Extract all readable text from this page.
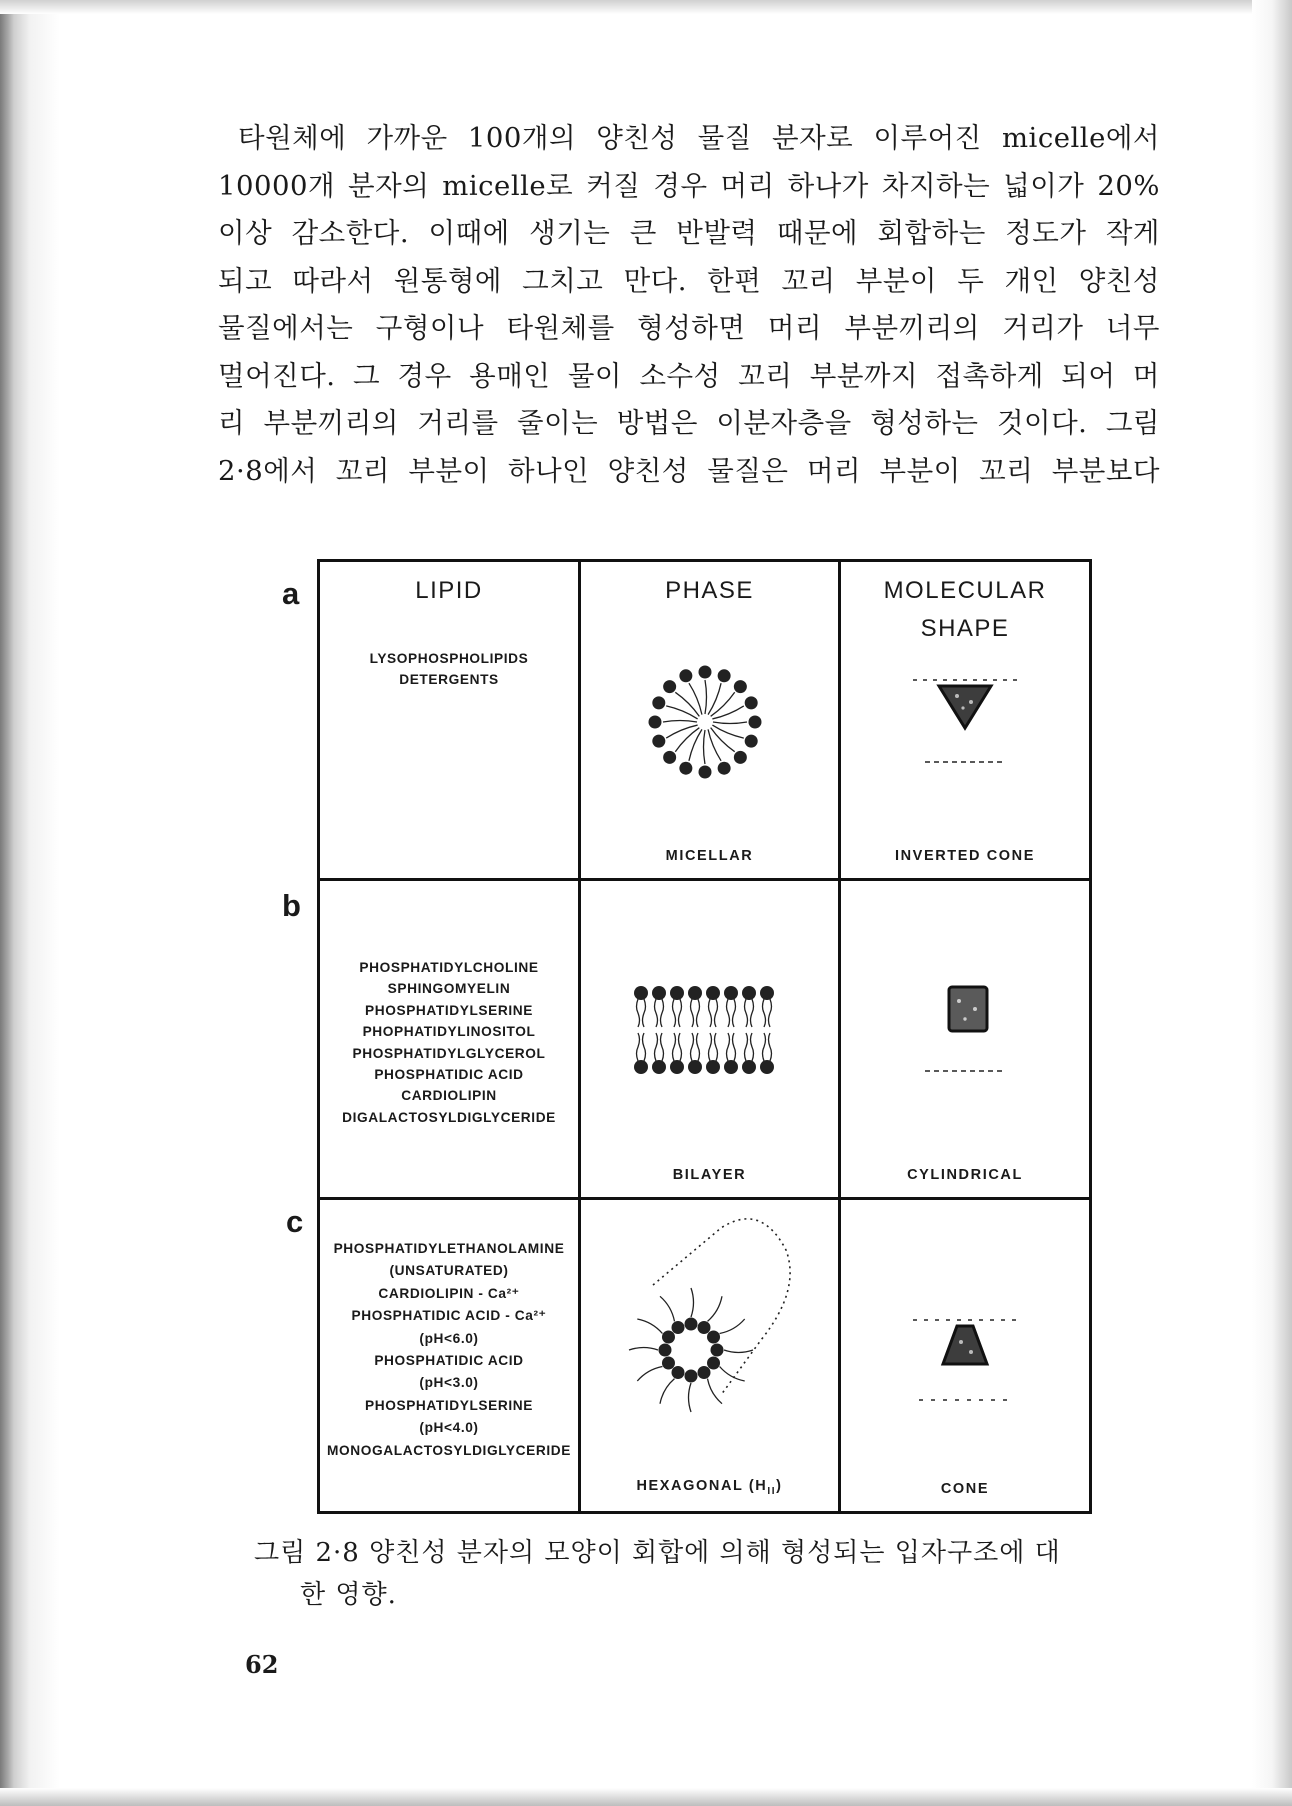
타원체에 가까운 100개의 양친성 물질 분자로 이루어진 micelle에서
10000개 분자의 micelle로 커질 경우 머리 하나가 차지하는 넓이가 20%
이상 감소한다. 이때에 생기는 큰 반발력 때문에 회합하는 정도가 작게
되고 따라서 원통형에 그치고 만다. 한편 꼬리 부분이 두 개인 양친성
물질에서는 구형이나 타원체를 형성하면 머리 부분끼리의 거리가 너무
멀어진다. 그 경우 용매인 물이 소수성 꼬리 부분까지 접촉하게 되어 머
리 부분끼리의 거리를 줄이는 방법은 이분자층을 형성하는 것이다. 그림
2·8에서 꼬리 부분이 하나인 양친성 물질은 머리 부분이 꼬리 부분보다

a
b
c
LIPID
LYSOPHOSPHOLIPIDS
DETERGENTS
PHASE
MICELLAR
MOLECULAR
SHAPE
INVERTED CONE
PHOSPHATIDYLCHOLINE
SPHINGOMYELIN
PHOSPHATIDYLSERINE
PHOPHATIDYLINOSITOL
PHOSPHATIDYLGLYCEROL
PHOSPHATIDIC ACID
CARDIOLIPIN
DIGALACTOSYLDIGLYCERIDE
BILAYER	CYLINDRICAL
PHOSPHATIDYLETHANOLAMINE
(UNSATURATED)
CARDIOLIPIN - Ca²⁺
PHOSPHATIDIC ACID - Ca²⁺
(pH<6.0)
PHOSPHATIDIC ACID
(pH<3.0)
PHOSPHATIDYLSERINE
(pH<4.0)
MONOGALACTOSYLDIGLYCERIDE
HEXAGONAL $(H_{II})$	CONE
그림 2·8 양친성 분자의 모양이 회합에 의해 형성되는 입자구조에 대
한 영향.
62
